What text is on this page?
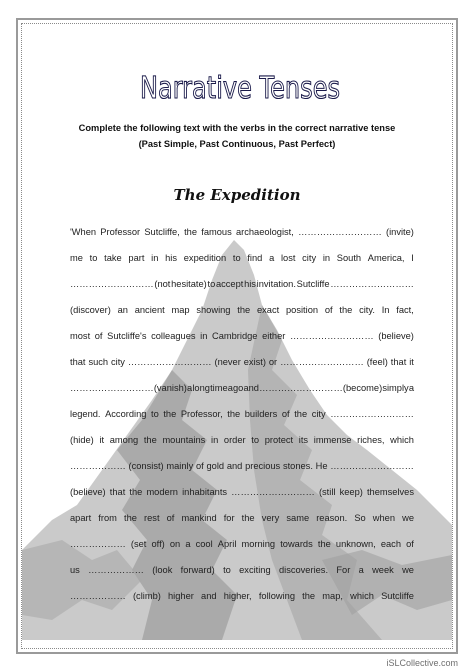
Narrative Tenses
Complete the following text with the verbs in the correct narrative tense
(Past Simple, Past Continuous, Past Perfect)
The Expedition
'When Professor Sutcliffe, the famous archaeologist, ……………………… (invite)
me to take part in his expedition to find a lost city in South America, I
……………………… (not hesitate) to accept his invitation. Sutcliffe ………………………
(discover) an ancient map showing the exact position of the city. In fact,
most of Sutcliffe's colleagues in Cambridge either ……………………… (believe)
that such city ……………………… (never exist) or ……………………… (feel) that it
……………………… (vanish) a long time ago and ……………………… (become) simply a
legend. According to the Professor, the builders of the city ………………………
(hide) it among the mountains in order to protect its immense riches, which
……………… (consist) mainly of gold and precious stones. He ………………………
(believe) that the modern inhabitants ……………………… (still keep) themselves
apart from the rest of mankind for the very same reason. So when we
……………… (set off) on a cool April morning towards the unknown, each of
us ……………… (look forward) to exciting discoveries. For a week we
……………… (climb) higher and higher, following the map, which Sutcliffe
iSLCollective.com
